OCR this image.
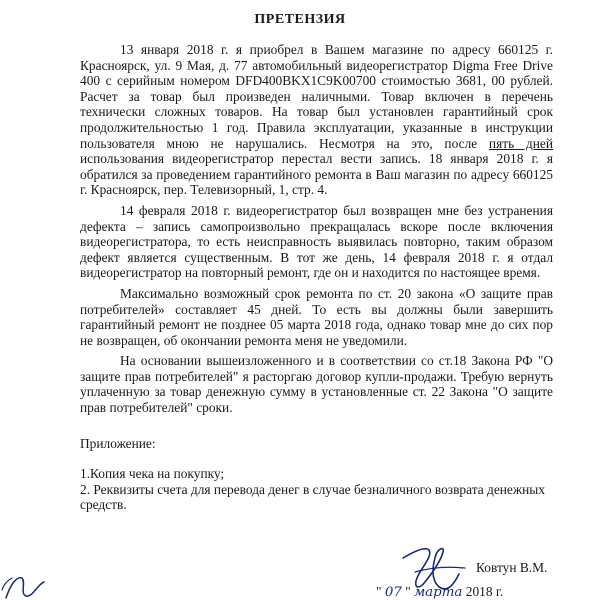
ПРЕТЕНЗИЯ

13 января 2018 г. я приобрел в Вашем магазине по адресу 660125 г. Красноярск, ул. 9 Мая, д. 77 автомобильный видеорегистратор Digma Free Drive 400 с серийным номером DFD400BKX1C9K00700 стоимостью 3681, 00 рублей. Расчет за товар был произведен наличными. Товар включен в перечень технически сложных товаров. На товар был установлен гарантийный срок продолжительностью 1 год. Правила эксплуатации, указанные в инструкции пользователя мною не нарушались. Несмотря на это, после пять дней использования видеорегистратор перестал вести запись. 18 января 2018 г. я обратился за проведением гарантийного ремонта в Ваш магазин по адресу 660125 г. Красноярск, пер. Телевизорный, 1, стр. 4.

14 февраля 2018 г. видеорегистратор был возвращен мне без устранения дефекта – запись самопроизвольно прекращалась вскоре после включения видеорегистратора, то есть неисправность выявилась повторно, таким образом дефект является существенным. В тот же день, 14 февраля 2018 г. я отдал видеорегистратор на повторный ремонт, где он и находится по настоящее время.

Максимально возможный срок ремонта по ст. 20 закона «О защите прав потребителей» составляет 45 дней. То есть вы должны были завершить гарантийный ремонт не позднее 05 марта 2018 года, однако товар мне до сих пор не возвращен, об окончании ремонта меня не уведомили.

На основании вышеизложенного и в соответствии со ст.18 Закона РФ "О защите прав потребителей" я расторгаю договор купли-продажи. Требую вернуть уплаченную за товар денежную сумму в установленные ст. 22 Закона "О защите прав потребителей" сроки.

Приложение:
1.Копия чека на покупку;
2. Реквизиты счета для перевода денег в случае безналичного возврата денежных средств.
Ковтун В.М.
" 07 " марта 2018 г.
